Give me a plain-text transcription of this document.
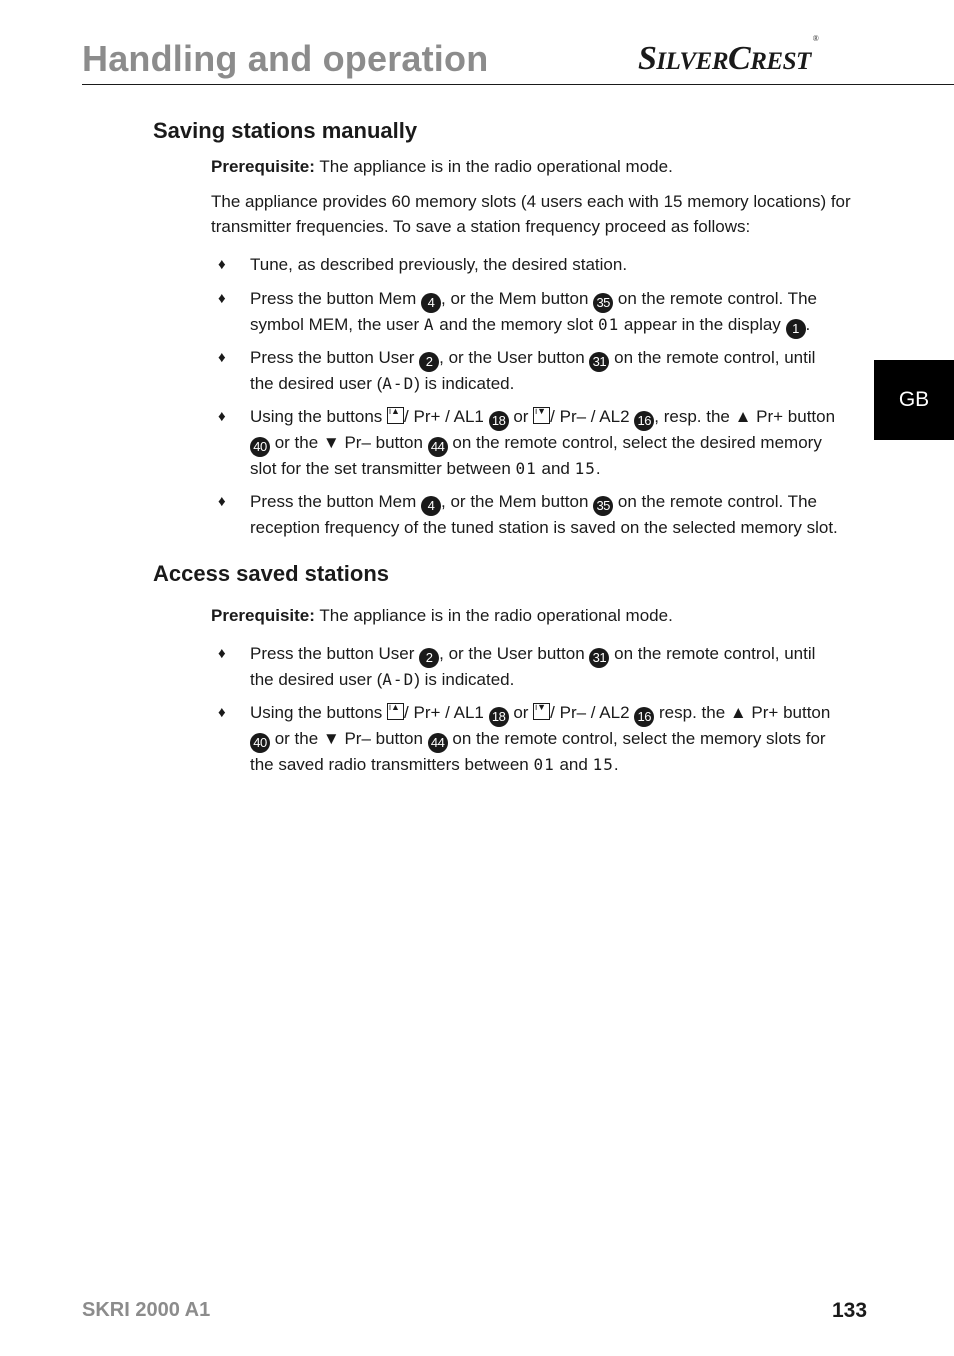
Handling and operation	SILVERCREST®
GB
Saving stations manually

Prerequisite: The appliance is in the radio operational mode.

The appliance provides 60 memory slots (4 users each with 15 memory locations) for transmitter frequencies. To save a station frequency proceed as follows:

♦ Tune, as described previously, the desired station.
♦ Press the button Mem 4 , or the Mem button 35 on the remote control. The symbol MEM, the user A and the memory slot 01 appear in the display 1 .
♦ Press the button User 2 , or the User button 31 on the remote control, until the desired user (A-D) is indicated.
♦ Using the buttons i▲ / Pr+ / AL1 18 or i▼ / Pr– / AL2 16 , resp. the ▲ Pr+ button 40 or the ▼ Pr– button 44 on the remote control, select the desired memory slot for the set transmitter between 01 and 15.
♦ Press the button Mem 4 , or the Mem button 35 on the remote control. The reception frequency of the tuned station is saved on the selected memory slot.
Access saved stations

Prerequisite: The appliance is in the radio operational mode.

♦ Press the button User 2 , or the User button 31 on the remote control, until the desired user (A-D) is indicated.
♦ Using the buttons i▲ / Pr+ / AL1 18 or i▼ / Pr– / AL2 16 resp. the ▲ Pr+ button 40 or the ▼ Pr– button 44 on the remote control, select the memory slots for the saved radio transmitters between 01 and 15.
SKRI 2000 A1	133
